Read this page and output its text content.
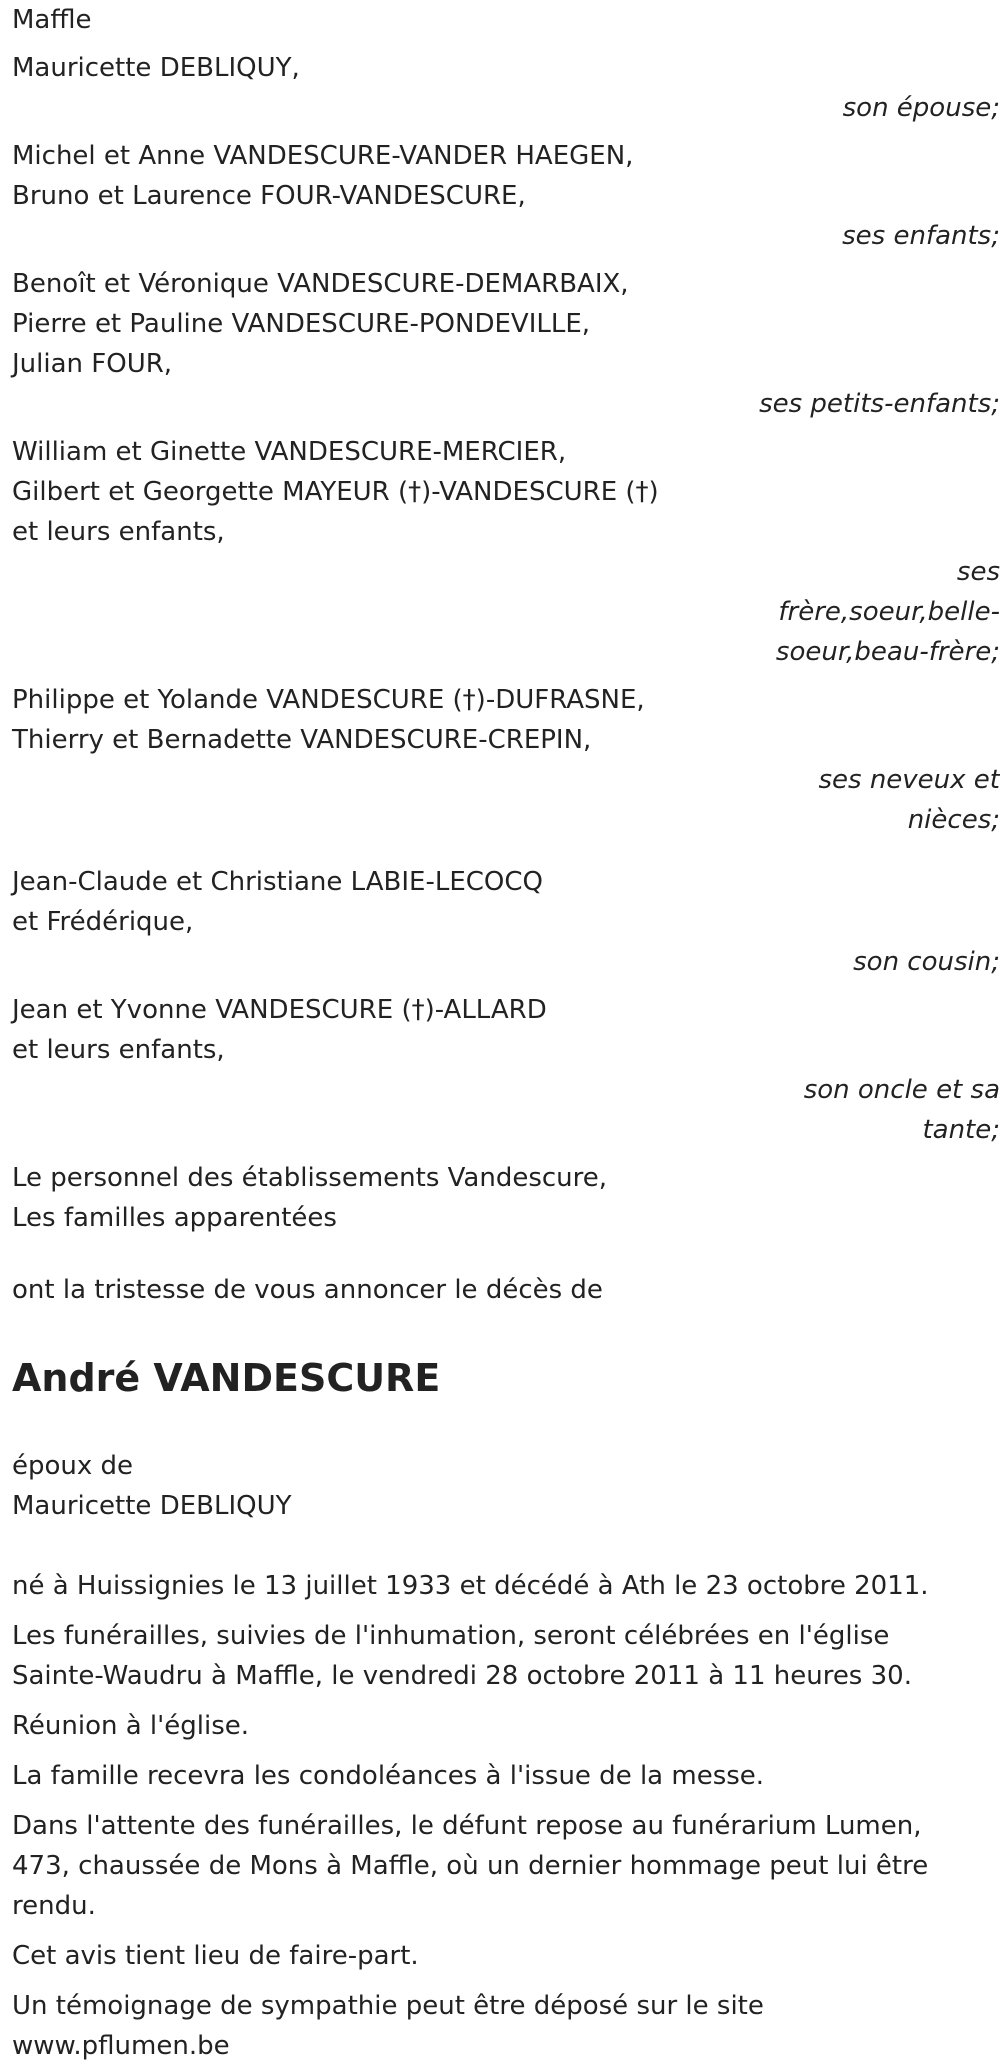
Maffle
Mauricette DEBLIQUY,
son épouse;
Michel et Anne VANDESCURE-VANDER HAEGEN,
Bruno et Laurence FOUR-VANDESCURE,
ses enfants;
Benoît et Véronique VANDESCURE-DEMARBAIX,
Pierre et Pauline VANDESCURE-PONDEVILLE,
Julian FOUR,
ses petits-enfants;
William et Ginette VANDESCURE-MERCIER,
Gilbert et Georgette MAYEUR (†)-VANDESCURE (†)
et leurs enfants,
ses
frère,soeur,belle-
soeur,beau-frère;
Philippe et Yolande VANDESCURE (†)-DUFRASNE,
Thierry et Bernadette VANDESCURE-CREPIN,
ses neveux et
nièces;
Jean-Claude et Christiane LABIE-LECOCQ
et Frédérique,
son cousin;
Jean et Yvonne VANDESCURE (†)-ALLARD
et leurs enfants,
son oncle et sa
tante;
Le personnel des établissements Vandescure,
Les familles apparentées
ont la tristesse de vous annoncer le décès de
André VANDESCURE
époux de
Mauricette DEBLIQUY
né à Huissignies le 13 juillet 1933 et décédé à Ath le 23 octobre 2011.
Les funérailles, suivies de l'inhumation, seront célébrées en l'église Sainte-Waudru à Maffle, le vendredi 28 octobre 2011 à 11 heures 30.
Réunion à l'église.
La famille recevra les condoléances à l'issue de la messe.
Dans l'attente des funérailles, le défunt repose au funérarium Lumen, 473, chaussée de Mons à Maffle, où un dernier hommage peut lui être rendu.
Cet avis tient lieu de faire-part.
Un témoignage de sympathie peut être déposé sur le site www.pflumen.be
